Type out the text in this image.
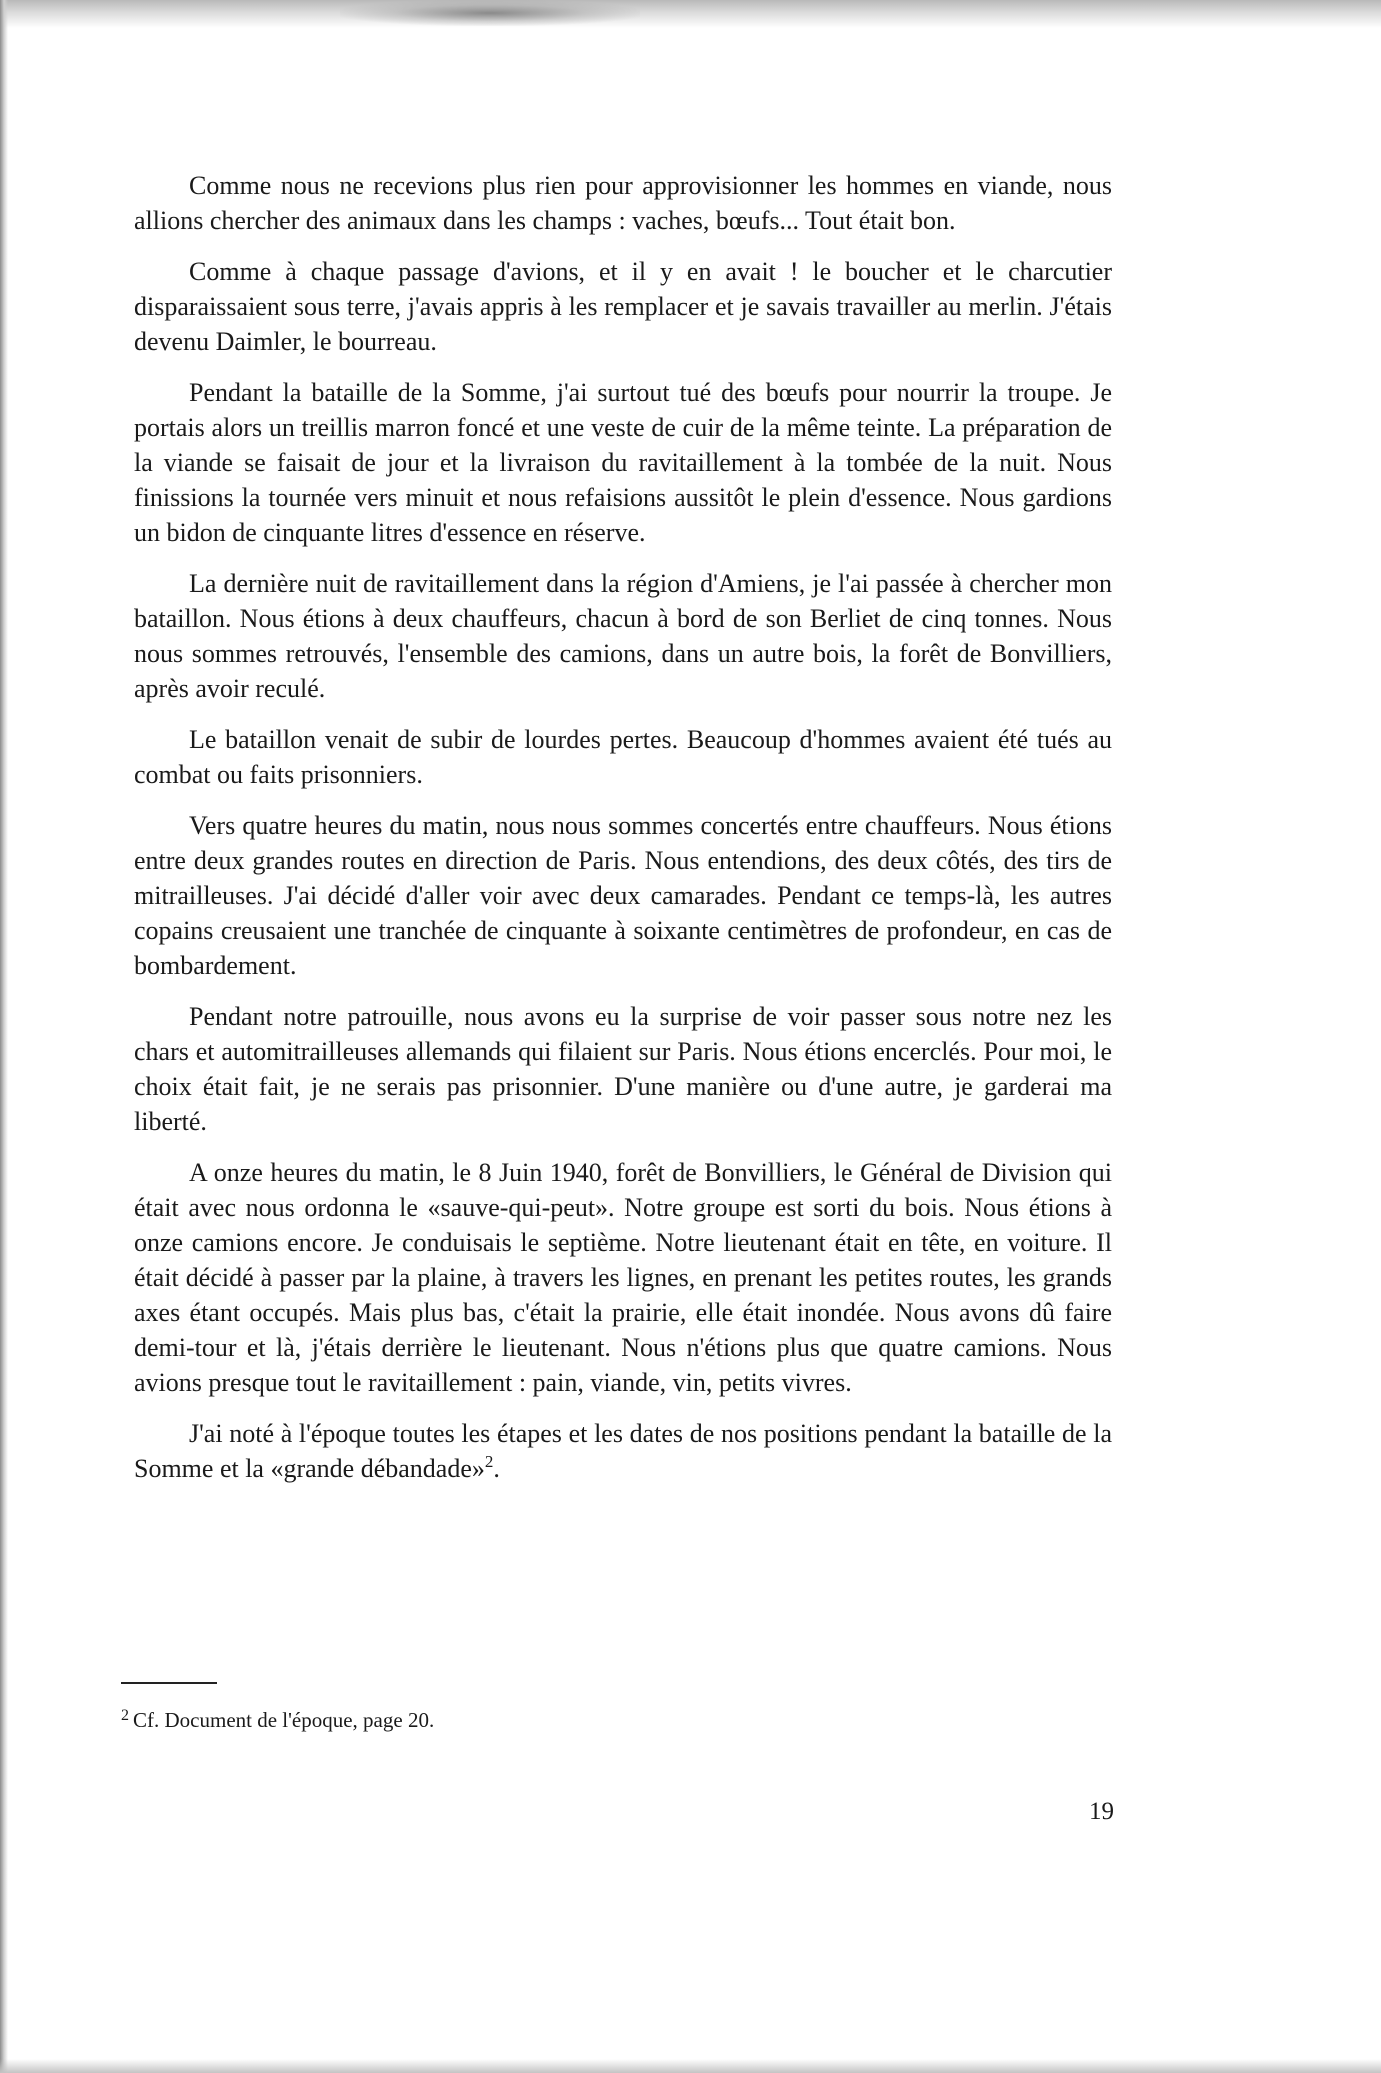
Comme nous ne recevions plus rien pour approvisionner les hommes en viande, nous allions chercher des animaux dans les champs : vaches, bœufs... Tout était bon.

Comme à chaque passage d'avions, et il y en avait ! le boucher et le charcutier disparaissaient sous terre, j'avais appris à les remplacer et je savais travailler au merlin. J'étais devenu Daimler, le bourreau.

Pendant la bataille de la Somme, j'ai surtout tué des bœufs pour nourrir la troupe. Je portais alors un treillis marron foncé et une veste de cuir de la même teinte. La préparation de la viande se faisait de jour et la livraison du ravitaillement à la tombée de la nuit. Nous finissions la tournée vers minuit et nous refaisions aussitôt le plein d'essence. Nous gardions un bidon de cinquante litres d'essence en réserve.

La dernière nuit de ravitaillement dans la région d'Amiens, je l'ai passée à chercher mon bataillon. Nous étions à deux chauffeurs, chacun à bord de son Berliet de cinq tonnes. Nous nous sommes retrouvés, l'ensemble des camions, dans un autre bois, la forêt de Bonvilliers, après avoir reculé.

Le bataillon venait de subir de lourdes pertes. Beaucoup d'hommes avaient été tués au combat ou faits prisonniers.

Vers quatre heures du matin, nous nous sommes concertés entre chauffeurs. Nous étions entre deux grandes routes en direction de Paris. Nous entendions, des deux côtés, des tirs de mitrailleuses. J'ai décidé d'aller voir avec deux camarades. Pendant ce temps-là, les autres copains creusaient une tranchée de cinquante à soixante centimètres de profondeur, en cas de bombardement.

Pendant notre patrouille, nous avons eu la surprise de voir passer sous notre nez les chars et automitrailleuses allemands qui filaient sur Paris. Nous étions encerclés. Pour moi, le choix était fait, je ne serais pas prisonnier. D'une manière ou d'une autre, je garderai ma liberté.

A onze heures du matin, le 8 Juin 1940, forêt de Bonvilliers, le Général de Division qui était avec nous ordonna le «sauve-qui-peut». Notre groupe est sorti du bois. Nous étions à onze camions encore. Je conduisais le septième. Notre lieutenant était en tête, en voiture. Il était décidé à passer par la plaine, à travers les lignes, en prenant les petites routes, les grands axes étant occupés. Mais plus bas, c'était la prairie, elle était inondée. Nous avons dû faire demi-tour et là, j'étais derrière le lieutenant. Nous n'étions plus que quatre camions. Nous avions presque tout le ravitaillement : pain, viande, vin, petits vivres.

J'ai noté à l'époque toutes les étapes et les dates de nos positions pendant la bataille de la Somme et la «grande débandade»$^2$.

$^2$ Cf. Document de l'époque, page 20.
19
